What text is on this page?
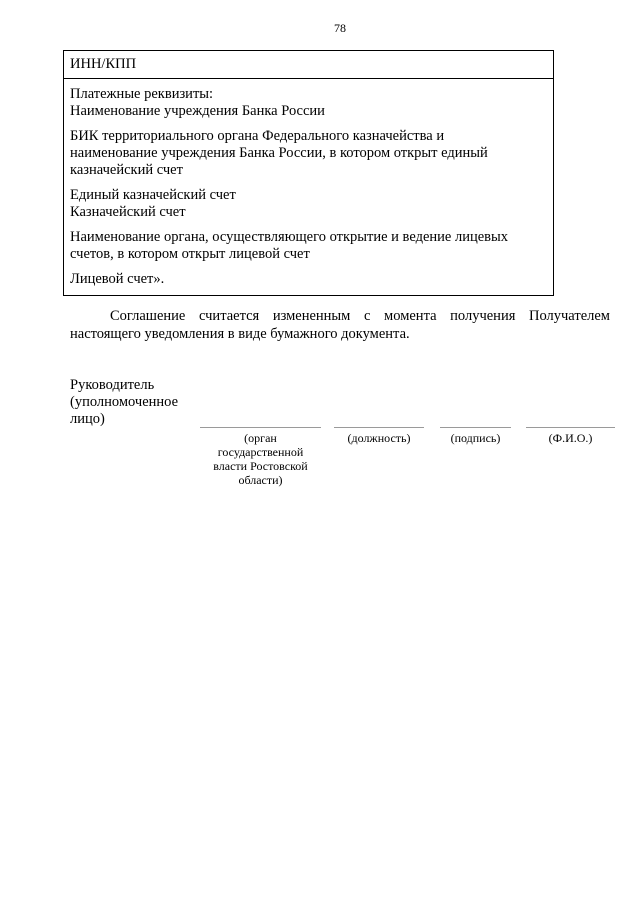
78
ИНН/КПП
Платежные реквизиты:
Наименование учреждения Банка России
БИК территориального органа Федерального казначейства и
наименование учреждения Банка России, в котором открыт единый
казначейский счет
Единый казначейский счет
Казначейский счет
Наименование органа, осуществляющего открытие и ведение лицевых
счетов, в котором открыт лицевой счет
Лицевой счет».
Соглашение считается измененным с момента получения Получателем настоящего уведомления в виде бумажного документа.
Руководитель
(уполномоченное
лицо)
(орган
государственной
власти Ростовской
области)
(должность)	(подпись)	(Ф.И.О.)
